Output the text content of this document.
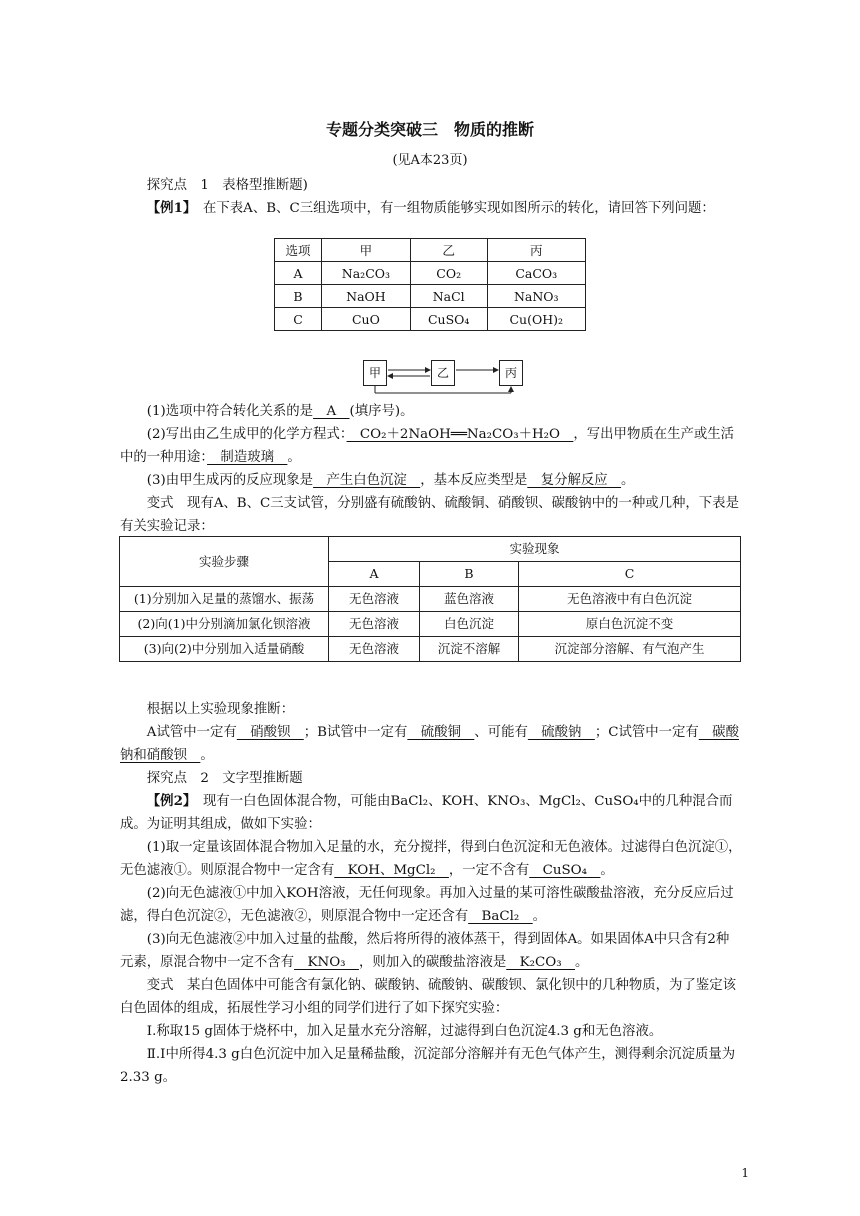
专题分类突破三　物质的推断
(见A本23页)

探究点　1　表格型推断题)

【例1】　在下表A、B、C三组选项中，有一组物质能够实现如图所示的转化，请回答下列问题：

选项	甲	乙	丙
A	Na₂CO₃	CO₂	CaCO₃
B	NaOH	NaCl	NaNO₃
C	CuO	CuSO₄	Cu(OH)₂
甲	乙	丙

(1)选项中符合转化关系的是　A　(填序号)。

(2)写出由乙生成甲的化学方程式：　CO₂＋2NaOH══Na₂CO₃＋H₂O　，写出甲物质在生产或生活中的一种用途：　制造玻璃　。

(3)由甲生成丙的反应现象是　产生白色沉淀　，基本反应类型是　复分解反应　。

变式　现有A、B、C三支试管，分别盛有硫酸钠、硫酸铜、硝酸钡、碳酸钠中的一种或几种，下表是有关实验记录：

实验步骤	实验现象		
	A	B	C
(1)分别加入足量的蒸馏水、振荡	无色溶液	蓝色溶液	无色溶液中有白色沉淀
(2)向(1)中分别滴加氯化钡溶液	无色溶液	白色沉淀	原白色沉淀不变
(3)向(2)中分别加入适量硝酸	无色溶液	沉淀不溶解	沉淀部分溶解、有气泡产生

根据以上实验现象推断：

A试管中一定有　硝酸钡　；B试管中一定有　硫酸铜　、可能有　硫酸钠　；C试管中一定有　碳酸钠和硝酸钡　。

探究点　2　文字型推断题

【例2】　现有一白色固体混合物，可能由BaCl₂、KOH、KNO₃、MgCl₂、CuSO₄中的几种混合而成。为证明其组成，做如下实验：

(1)取一定量该固体混合物加入足量的水，充分搅拌，得到白色沉淀和无色液体。过滤得白色沉淀①，无色滤液①。则原混合物中一定含有　KOH、MgCl₂　，一定不含有　CuSO₄　。

(2)向无色滤液①中加入KOH溶液，无任何现象。再加入过量的某可溶性碳酸盐溶液，充分反应后过滤，得白色沉淀②，无色滤液②，则原混合物中一定还含有　BaCl₂　。

(3)向无色滤液②中加入过量的盐酸，然后将所得的液体蒸干，得到固体A。如果固体A中只含有2种元素，原混合物中一定不含有　KNO₃　，则加入的碳酸盐溶液是　K₂CO₃　。

变式　某白色固体中可能含有氯化钠、碳酸钠、硫酸钠、碳酸钡、氯化钡中的几种物质，为了鉴定该白色固体的组成，拓展性学习小组的同学们进行了如下探究实验：

Ⅰ.称取15 g固体于烧杯中，加入足量水充分溶解，过滤得到白色沉淀4.3 g和无色溶液。

Ⅱ.Ⅰ中所得4.3 g白色沉淀中加入足量稀盐酸，沉淀部分溶解并有无色气体产生，测得剩余沉淀质量为2.33 g。

1
